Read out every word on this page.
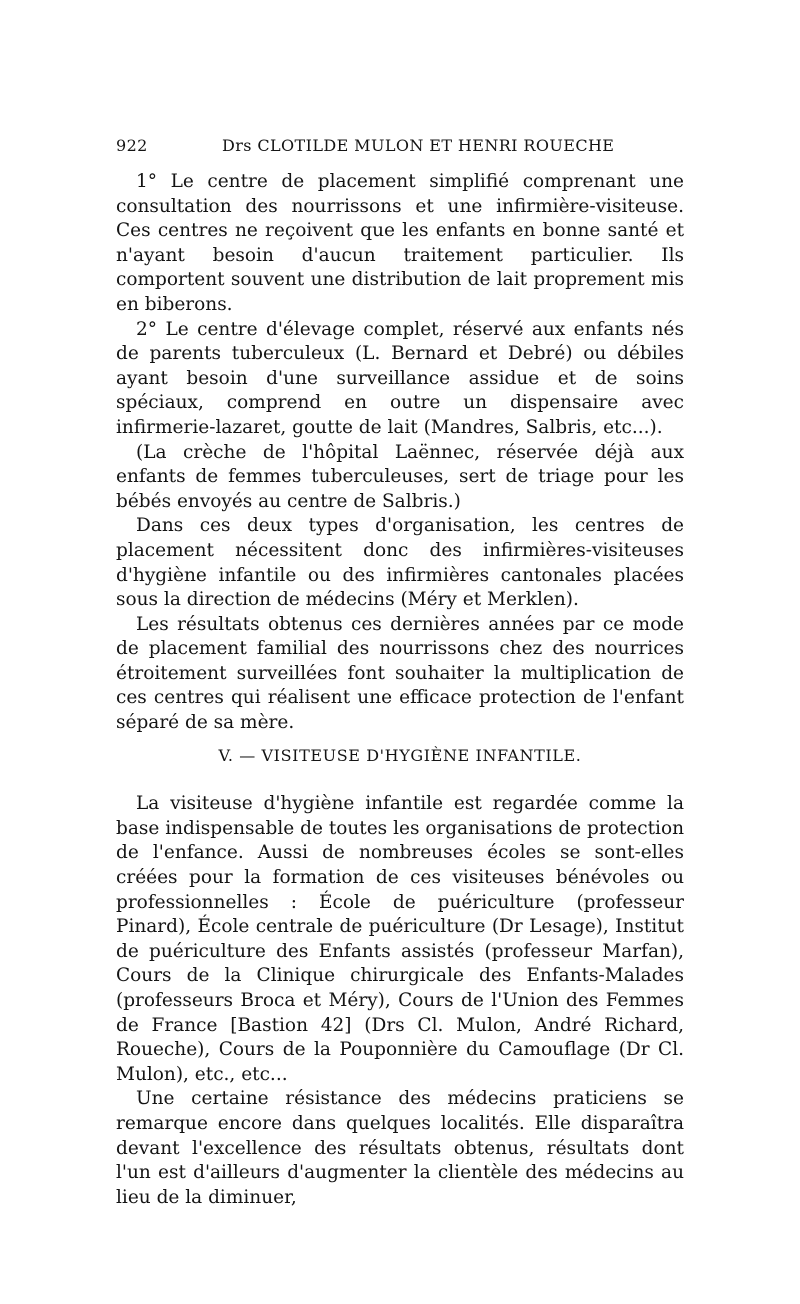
922	Drs CLOTILDE MULON ET HENRI ROUECHE

1° Le centre de placement simplifié comprenant une consultation des nourrissons et une infirmière-visiteuse. Ces centres ne reçoivent que les enfants en bonne santé et n'ayant besoin d'aucun traitement particulier. Ils comportent souvent une distribution de lait proprement mis en biberons.

2° Le centre d'élevage complet, réservé aux enfants nés de parents tuberculeux (L. Bernard et Debré) ou débiles ayant besoin d'une surveillance assidue et de soins spéciaux, comprend en outre un dispensaire avec infirmerie-lazaret, goutte de lait (Mandres, Salbris, etc...).

(La crèche de l'hôpital Laënnec, réservée déjà aux enfants de femmes tuberculeuses, sert de triage pour les bébés envoyés au centre de Salbris.)

Dans ces deux types d'organisation, les centres de placement nécessitent donc des infirmières-visiteuses d'hygiène infantile ou des infirmières cantonales placées sous la direction de médecins (Méry et Merklen).

Les résultats obtenus ces dernières années par ce mode de placement familial des nourrissons chez des nourrices étroitement surveillées font souhaiter la multiplication de ces centres qui réalisent une efficace protection de l'enfant séparé de sa mère.

V. — VISITEUSE D'HYGIÈNE INFANTILE.

La visiteuse d'hygiène infantile est regardée comme la base indispensable de toutes les organisations de protection de l'enfance. Aussi de nombreuses écoles se sont-elles créées pour la formation de ces visiteuses bénévoles ou professionnelles : École de puériculture (professeur Pinard), École centrale de puériculture (Dr Lesage), Institut de puériculture des Enfants assistés (professeur Marfan), Cours de la Clinique chirurgicale des Enfants-Malades (professeurs Broca et Méry), Cours de l'Union des Femmes de France [Bastion 42] (Drs Cl. Mulon, André Richard, Roueche), Cours de la Pouponnière du Camouflage (Dr Cl. Mulon), etc., etc...

Une certaine résistance des médecins praticiens se remarque encore dans quelques localités. Elle disparaîtra devant l'excellence des résultats obtenus, résultats dont l'un est d'ailleurs d'augmenter la clientèle des médecins au lieu de la diminuer,
